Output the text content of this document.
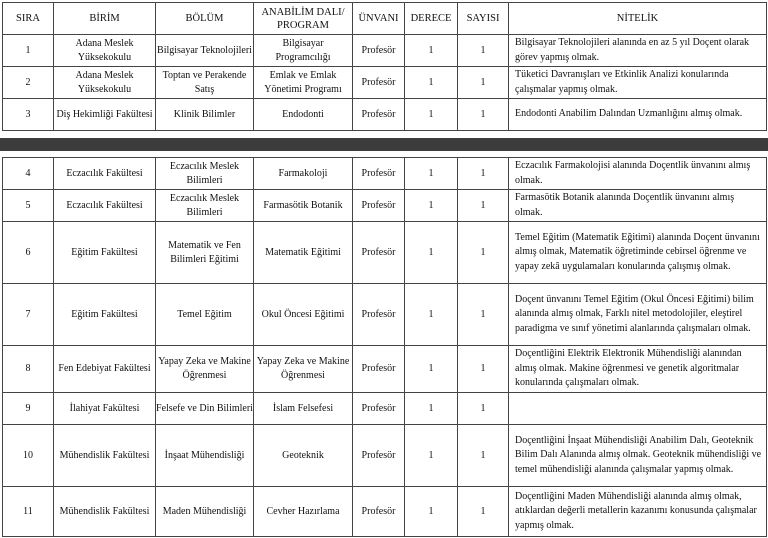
SIRA	BİRİM	BÖLÜM	ANABİLİM DALI/ PROGRAM	ÜNVANI	DERECE	SAYISI	NİTELİK
1	Adana Meslek Yüksekokulu	Bilgisayar Teknolojileri	Bilgisayar Programcılığı	Profesör	1	1	Bilgisayar Teknolojileri alanında en az 5 yıl Doçent olarak görev yapmış olmak.
2	Adana Meslek Yüksekokulu	Toptan ve Perakende Satış	Emlak ve Emlak Yönetimi Programı	Profesör	1	1	Tüketici Davranışları ve Etkinlik Analizi konularında çalışmalar yapmış olmak.
3	Diş Hekimliği Fakültesi	Klinik Bilimler	Endodonti	Profesör	1	1	Endodonti Anabilim Dalından Uzmanlığını almış olmak.
4	Eczacılık Fakültesi	Eczacılık Meslek Bilimleri	Farmakoloji	Profesör	1	1	Eczacılık Farmakolojisi alanında Doçentlik ünvanını almış olmak.
5	Eczacılık Fakültesi	Eczacılık Meslek Bilimleri	Farmasötik Botanik	Profesör	1	1	Farmasötik Botanik alanında Doçentlik ünvanını almış olmak.
6	Eğitim Fakültesi	Matematik ve Fen Bilimleri Eğitimi	Matematik Eğitimi	Profesör	1	1	Temel Eğitim (Matematik Eğitimi) alanında Doçent ünvanını almış olmak, Matematik öğretiminde cebirsel öğrenme ve yapay zekâ uygulamaları konularında çalışmış olmak.
7	Eğitim Fakültesi	Temel Eğitim	Okul Öncesi Eğitimi	Profesör	1	1	Doçent ünvanını Temel Eğitim (Okul Öncesi Eğitimi) bilim alanında almış olmak, Farklı nitel metodolojiler, eleştirel paradigma ve sınıf yönetimi alanlarında çalışmaları olmak.
8	Fen Edebiyat Fakültesi	Yapay Zeka ve Makine Öğrenmesi	Yapay Zeka ve Makine Öğrenmesi	Profesör	1	1	Doçentliğini Elektrik Elektronik Mühendisliği alanından almış olmak. Makine öğrenmesi ve genetik algoritmalar konularında çalışmaları olmak.
9	İlahiyat Fakültesi	Felsefe ve Din Bilimleri	İslam Felsefesi	Profesör	1	1	
10	Mühendislik Fakültesi	İnşaat Mühendisliği	Geoteknik	Profesör	1	1	Doçentliğini İnşaat Mühendisliği Anabilim Dalı, Geoteknik Bilim Dalı Alanında almış olmak. Geoteknik mühendisliği ve temel mühendisliği alanında çalışmalar yapmış olmak.
11	Mühendislik Fakültesi	Maden Mühendisliği	Cevher Hazırlama	Profesör	1	1	Doçentliğini Maden Mühendisliği alanında almış olmak, atıklardan değerli metallerin kazanımı konusunda çalışmalar yapmış olmak.
